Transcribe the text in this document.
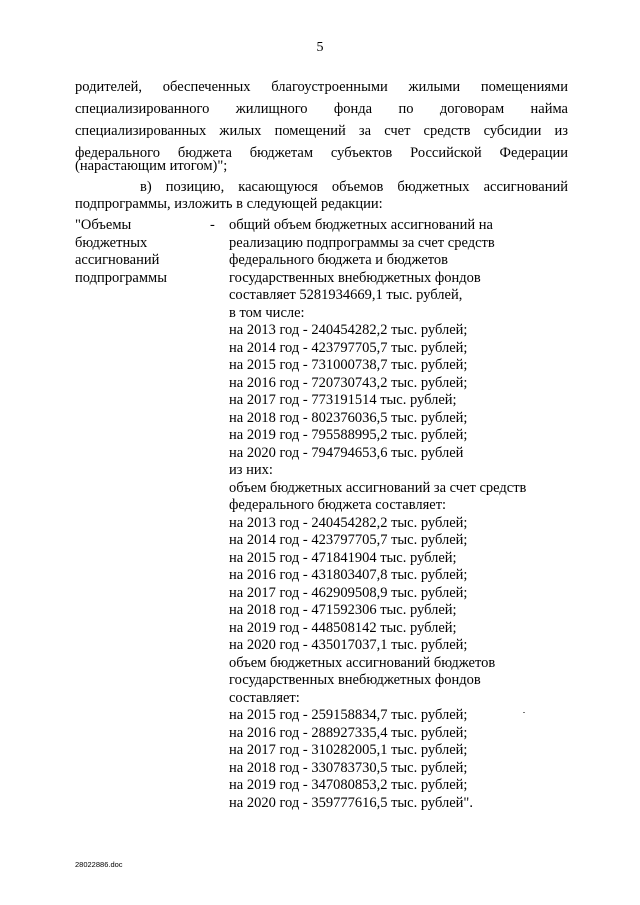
5
родителей, обеспеченных благоустроенными жилыми помещениями
специализированного жилищного фонда по договорам найма
специализированных жилых помещений за счет средств субсидии из
федерального бюджета бюджетам субъектов Российской Федерации
(нарастающим итогом)";
в) позицию, касающуюся объемов бюджетных ассигнований
подпрограммы, изложить в следующей редакции:
"Объемы
бюджетных
ассигнований
подпрограммы
- общий объем бюджетных ассигнований на
реализацию подпрограммы за счет средств
федерального бюджета и бюджетов
государственных внебюджетных фондов
составляет 5281934669,1 тыс. рублей,
в том числе:
на 2013 год - 240454282,2 тыс. рублей;
на 2014 год - 423797705,7 тыс. рублей;
на 2015 год - 731000738,7 тыс. рублей;
на 2016 год - 720730743,2 тыс. рублей;
на 2017 год - 773191514 тыс. рублей;
на 2018 год - 802376036,5 тыс. рублей;
на 2019 год - 795588995,2 тыс. рублей;
на 2020 год - 794794653,6 тыс. рублей
из них:
объем бюджетных ассигнований за счет средств
федерального бюджета составляет:
на 2013 год - 240454282,2 тыс. рублей;
на 2014 год - 423797705,7 тыс. рублей;
на 2015 год - 471841904 тыс. рублей;
на 2016 год - 431803407,8 тыс. рублей;
на 2017 год - 462909508,9 тыс. рублей;
на 2018 год - 471592306 тыс. рублей;
на 2019 год - 448508142 тыс. рублей;
на 2020 год - 435017037,1 тыс. рублей;
объем бюджетных ассигнований бюджетов
государственных внебюджетных фондов
составляет:
на 2015 год - 259158834,7 тыс. рублей;
на 2016 год - 288927335,4 тыс. рублей;
на 2017 год - 310282005,1 тыс. рублей;
на 2018 год - 330783730,5 тыс. рублей;
на 2019 год - 347080853,2 тыс. рублей;
на 2020 год - 359777616,5 тыс. рублей".
28022886.doc
